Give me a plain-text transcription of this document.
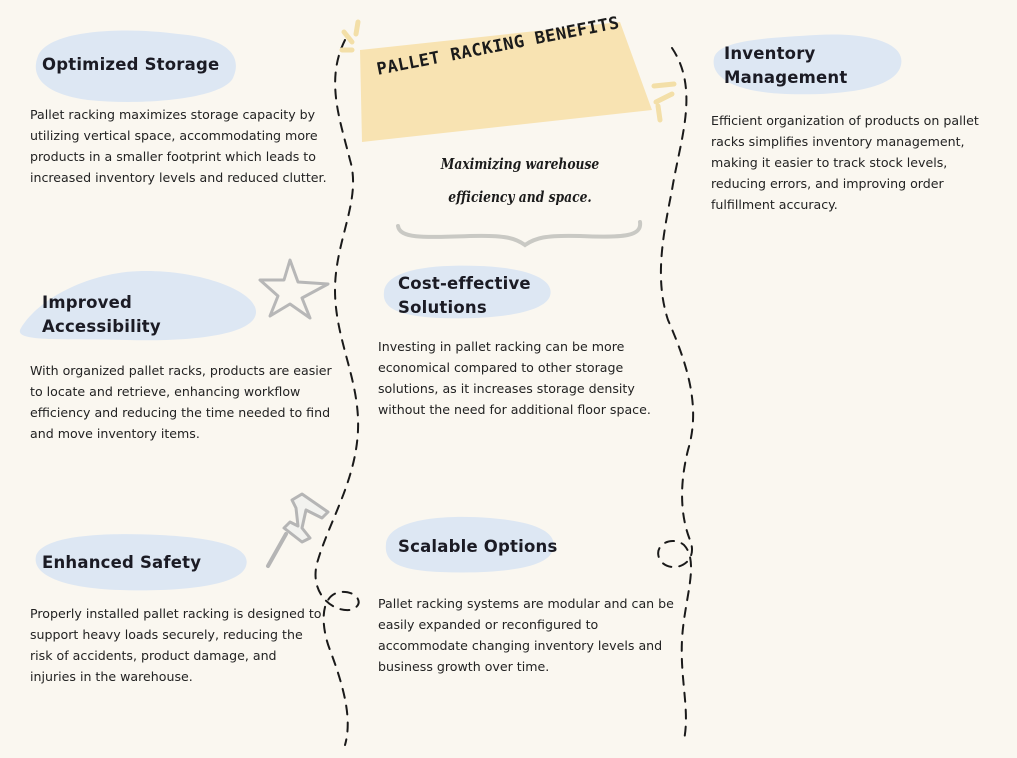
PALLET RACKING BENEFITS

Maximizing warehouse efficiency and space.

Optimized Storage

Pallet racking maximizes storage capacity by utilizing vertical space, accommodating more products in a smaller footprint which leads to increased inventory levels and reduced clutter.

Inventory Management

Efficient organization of products on pallet racks simplifies inventory management, making it easier to track stock levels, reducing errors, and improving order fulfillment accuracy.

Improved Accessibility

With organized pallet racks, products are easier to locate and retrieve, enhancing workflow efficiency and reducing the time needed to find and move inventory items.

Cost-effective Solutions

Investing in pallet racking can be more economical compared to other storage solutions, as it increases storage density without the need for additional floor space.

Enhanced Safety

Properly installed pallet racking is designed to support heavy loads securely, reducing the risk of accidents, product damage, and injuries in the warehouse.

Scalable Options

Pallet racking systems are modular and can be easily expanded or reconfigured to accommodate changing inventory levels and business growth over time.
